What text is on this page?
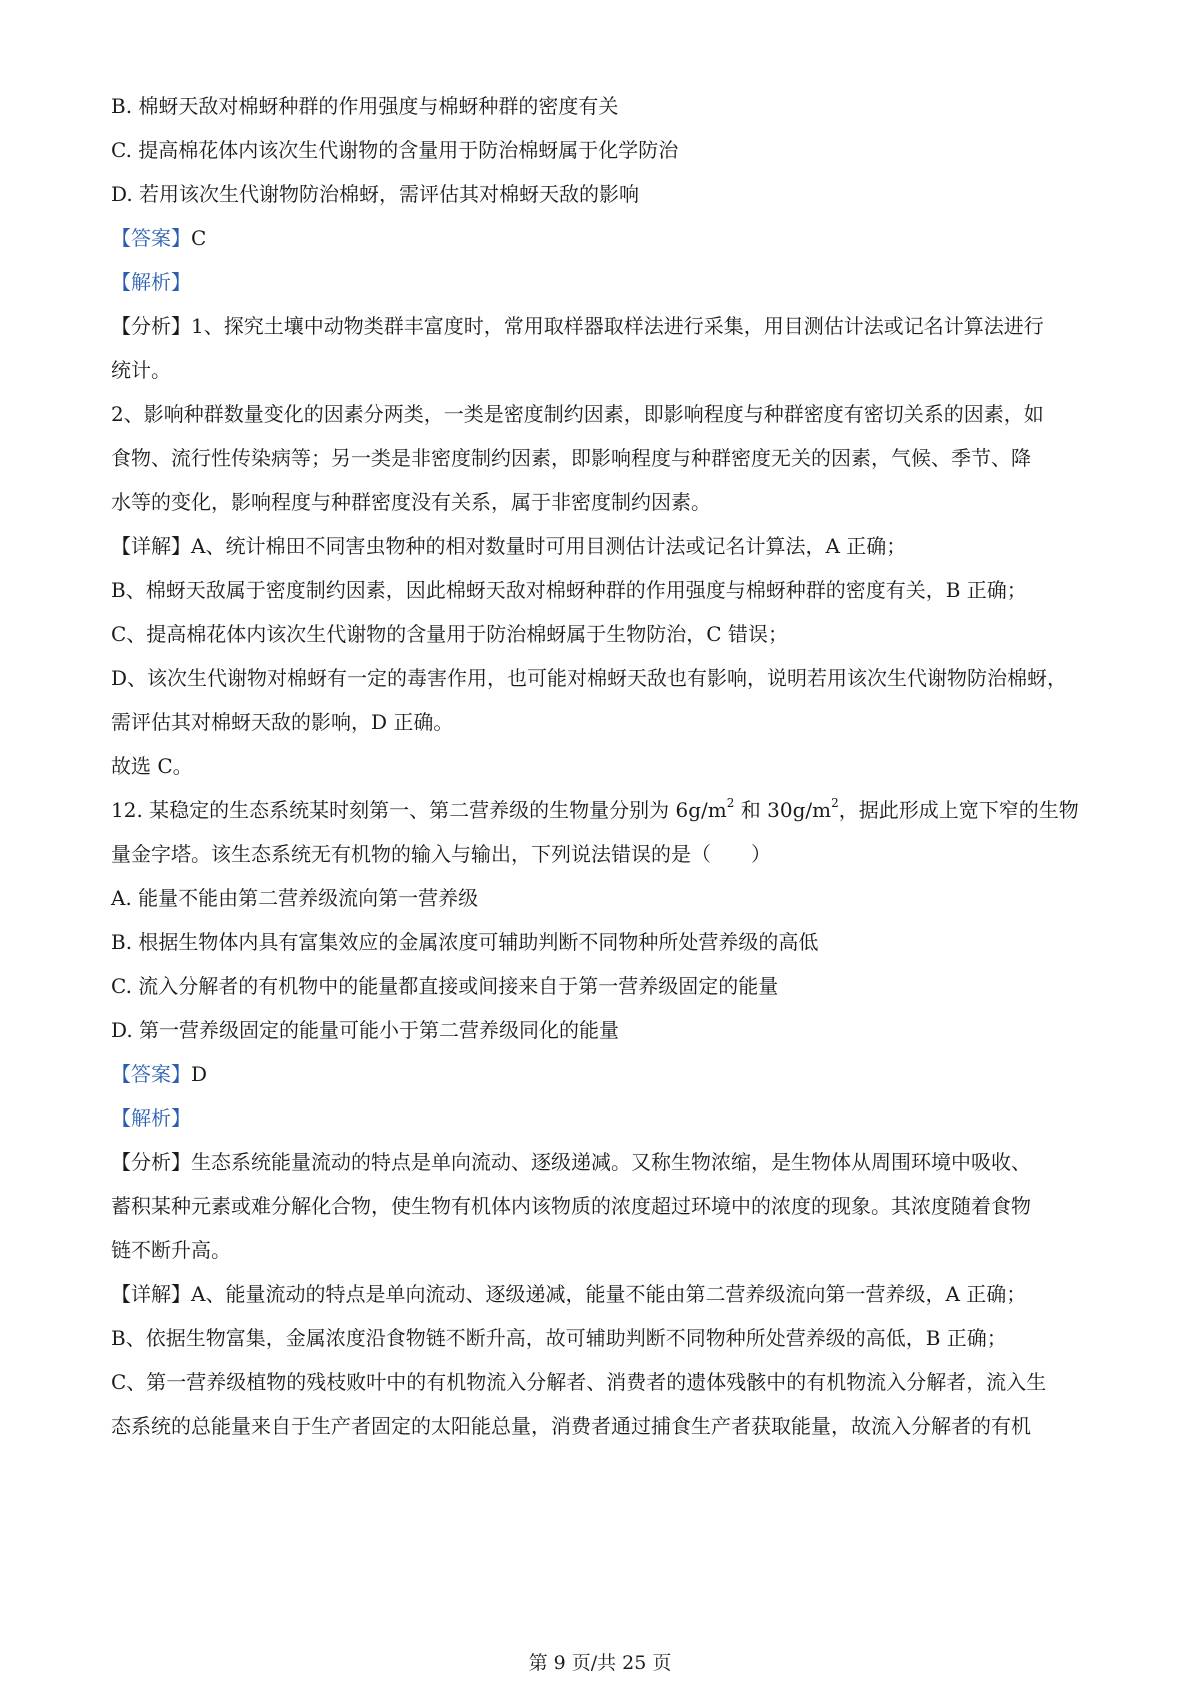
B. 棉蚜天敌对棉蚜种群的作用强度与棉蚜种群的密度有关
C. 提高棉花体内该次生代谢物的含量用于防治棉蚜属于化学防治
D. 若用该次生代谢物防治棉蚜，需评估其对棉蚜天敌的影响
【答案】C
【解析】
【分析】1、探究土壤中动物类群丰富度时，常用取样器取样法进行采集，用目测估计法或记名计算法进行
统计。
2、影响种群数量变化的因素分两类，一类是密度制约因素，即影响程度与种群密度有密切关系的因素，如
食物、流行性传染病等；另一类是非密度制约因素，即影响程度与种群密度无关的因素，气候、季节、降
水等的变化，影响程度与种群密度没有关系，属于非密度制约因素。
【详解】A、统计棉田不同害虫物种的相对数量时可用目测估计法或记名计算法，A 正确；
B、棉蚜天敌属于密度制约因素，因此棉蚜天敌对棉蚜种群的作用强度与棉蚜种群的密度有关，B 正确；
C、提高棉花体内该次生代谢物的含量用于防治棉蚜属于生物防治，C 错误；
D、该次生代谢物对棉蚜有一定的毒害作用，也可能对棉蚜天敌也有影响，说明若用该次生代谢物防治棉蚜，
需评估其对棉蚜天敌的影响，D 正确。
故选 C。
12. 某稳定的生态系统某时刻第一、第二营养级的生物量分别为 $6g/m^2$ 和 $30g/m^2$，据此形成上宽下窄的生物
量金字塔。该生态系统无有机物的输入与输出，下列说法错误的是（　　）
A. 能量不能由第二营养级流向第一营养级
B. 根据生物体内具有富集效应的金属浓度可辅助判断不同物种所处营养级的高低
C. 流入分解者的有机物中的能量都直接或间接来自于第一营养级固定的能量
D. 第一营养级固定的能量可能小于第二营养级同化的能量
【答案】D
【解析】
【分析】生态系统能量流动的特点是单向流动、逐级递减。又称生物浓缩，是生物体从周围环境中吸收、
蓄积某种元素或难分解化合物，使生物有机体内该物质的浓度超过环境中的浓度的现象。其浓度随着食物
链不断升高。
【详解】A、能量流动的特点是单向流动、逐级递减，能量不能由第二营养级流向第一营养级，A 正确；
B、依据生物富集，金属浓度沿食物链不断升高，故可辅助判断不同物种所处营养级的高低，B 正确；
C、第一营养级植物的残枝败叶中的有机物流入分解者、消费者的遗体残骸中的有机物流入分解者，流入生
态系统的总能量来自于生产者固定的太阳能总量，消费者通过捕食生产者获取能量，故流入分解者的有机
第 9 页/共 25 页
